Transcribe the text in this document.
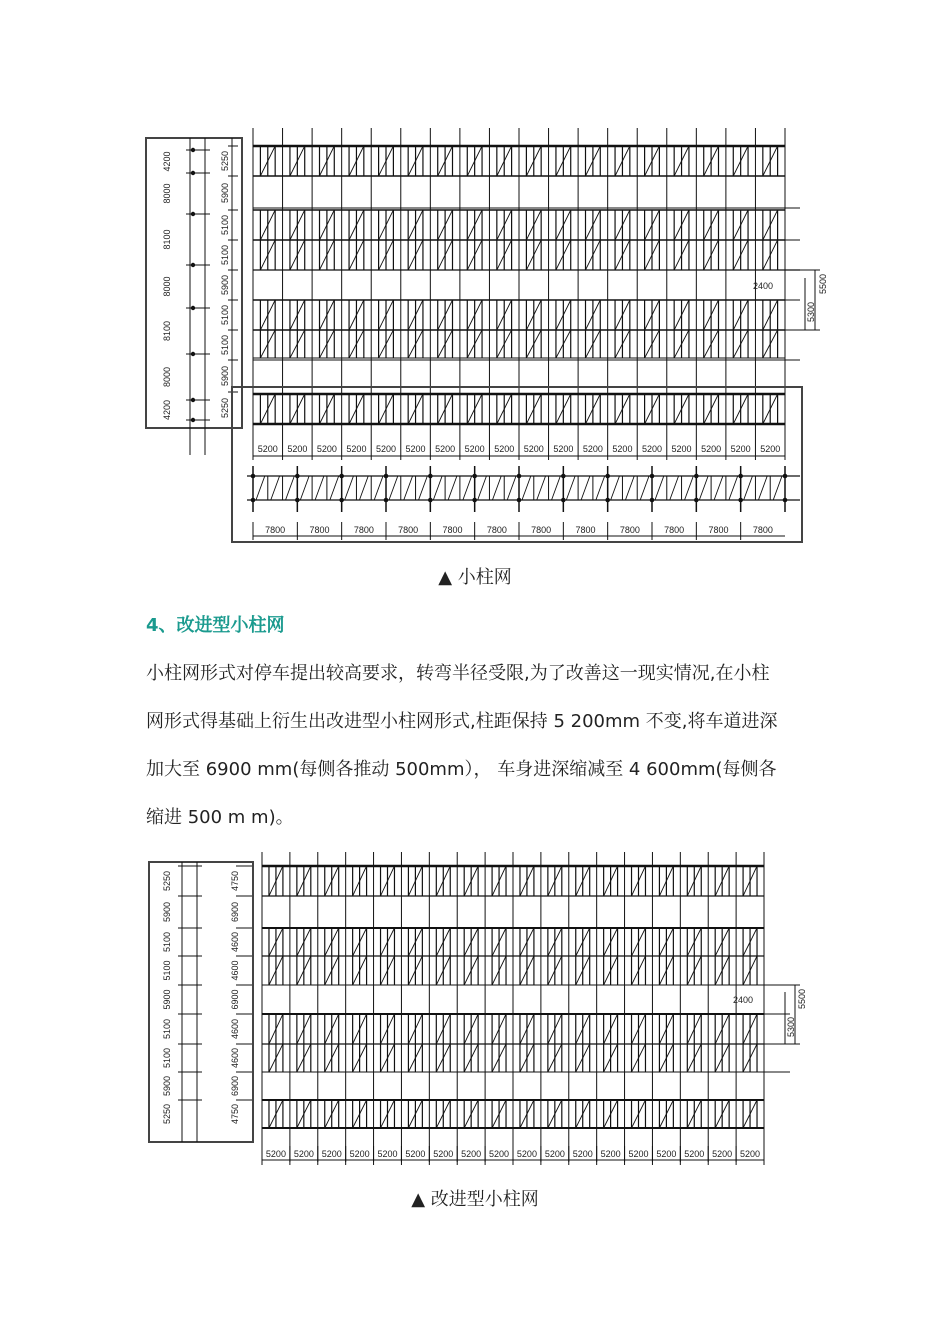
4200
8000
8100
8000
8100
8000
4200
5250
5900
5100
5100
5900
5100
5100
5900
5250
2400	5500
5300
5200 5200 5200 5200 5200 5200 5200 5200 5200 5200 5200 5200 5200 5200 5200 5200 5200 5200
7800	7800	7800	7800	7800	7800	7800	7800	7800	7800	7800	7800
5250
5900
5100
5100
5900
5100
5100
5900
5250
4750
6900
4600
4600
6900
4600
4600
6900
4750
2400	5500
5300
5200 5200 5200 5200 5200 5200 5200 5200 5200 5200 5200 5200 5200 5200 5200 5200 5200 5200
▲ 小柱网
4、改进型小柱网
小柱网形式对停车提出较高要求，转弯半径受限,为了改善这一现实情况,在小柱
网形式得基础上衍生出改进型小柱网形式,柱距保持 5 200mm 不变,将车道进深
加大至 6900 mm(每侧各推动 500mm）， 车身进深缩减至 4 600mm(每侧各
缩进 500 m m)。
▲ 改进型小柱网
